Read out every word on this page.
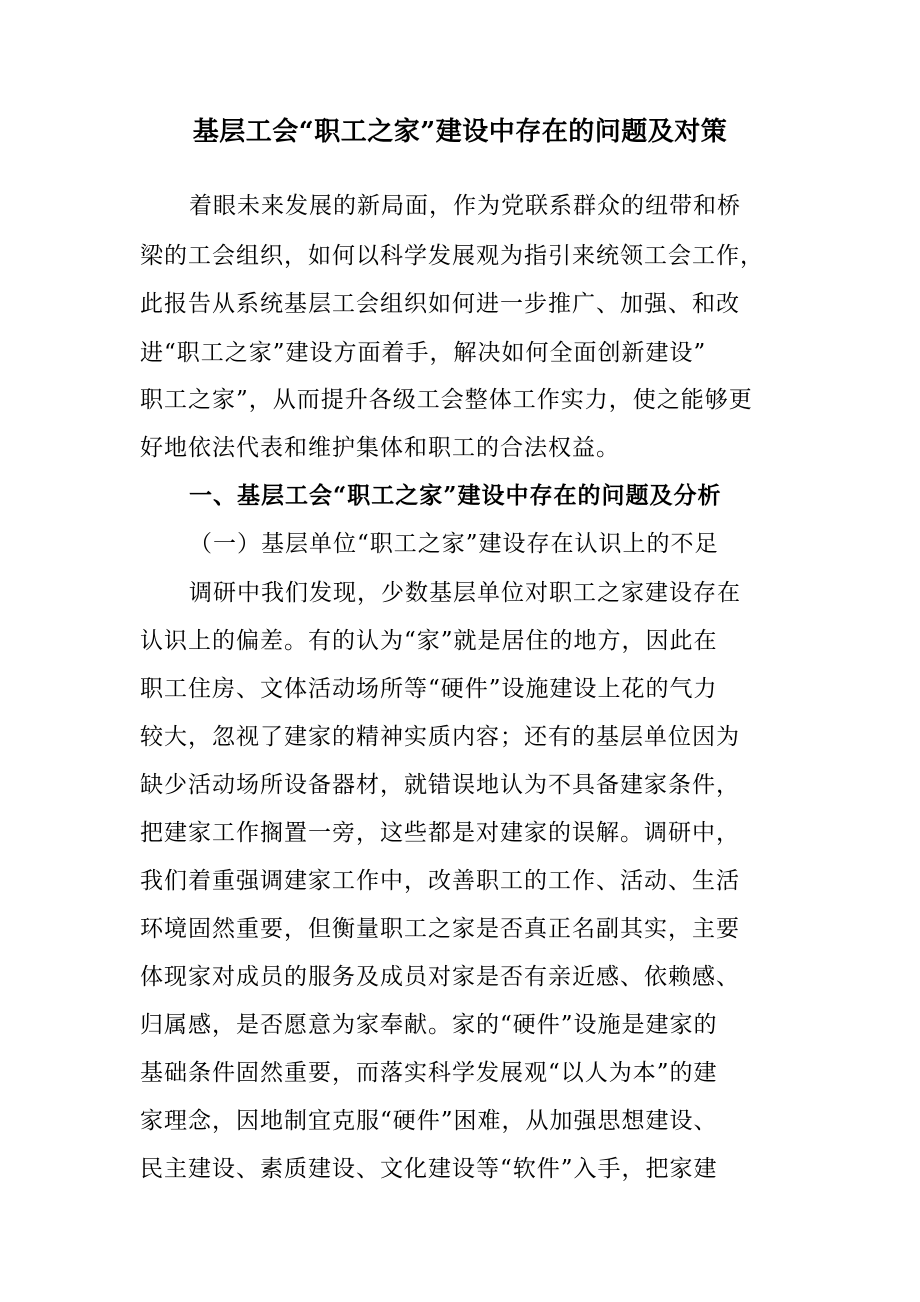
基层工会“职工之家”建设中存在的问题及对策
着眼未来发展的新局面，作为党联系群众的纽带和桥
梁的工会组织，如何以科学发展观为指引来统领工会工作，
此报告从系统基层工会组织如何进一步推广、加强、和改
进“职工之家”建设方面着手，解决如何全面创新建设”
职工之家”，从而提升各级工会整体工作实力，使之能够更
好地依法代表和维护集体和职工的合法权益。
一、基层工会“职工之家”建设中存在的问题及分析
（一）基层单位“职工之家”建设存在认识上的不足
调研中我们发现，少数基层单位对职工之家建设存在
认识上的偏差。有的认为“家”就是居住的地方，因此在
职工住房、文体活动场所等“硬件”设施建设上花的气力
较大，忽视了建家的精神实质内容；还有的基层单位因为
缺少活动场所设备器材，就错误地认为不具备建家条件，
把建家工作搁置一旁，这些都是对建家的误解。调研中，
我们着重强调建家工作中，改善职工的工作、活动、生活
环境固然重要，但衡量职工之家是否真正名副其实，主要
体现家对成员的服务及成员对家是否有亲近感、依赖感、
归属感，是否愿意为家奉献。家的“硬件”设施是建家的
基础条件固然重要，而落实科学发展观“以人为本”的建
家理念，因地制宜克服“硬件”困难，从加强思想建设、
民主建设、素质建设、文化建设等“软件”入手，把家建
